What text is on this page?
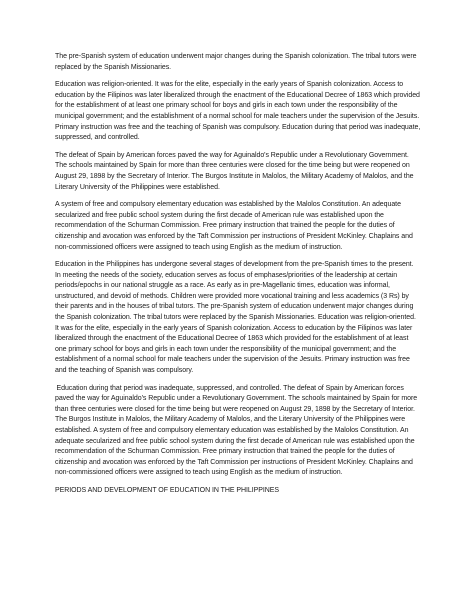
The pre-Spanish system of education underwent major changes during the Spanish colonization. The tribal tutors were replaced by the Spanish Missionaries.

Education was religion-oriented. It was for the elite, especially in the early years of Spanish colonization. Access to education by the Filipinos was later liberalized through the enactment of the Educational Decree of 1863 which provided for the establishment of at least one primary school for boys and girls in each town under the responsibility of the municipal government; and the establishment of a normal school for male teachers under the supervision of the Jesuits. Primary instruction was free and the teaching of Spanish was compulsory. Education during that period was inadequate, suppressed, and controlled.

The defeat of Spain by American forces paved the way for Aguinaldo's Republic under a Revolutionary Government. The schools maintained by Spain for more than three centuries were closed for the time being but were reopened on August 29, 1898 by the Secretary of Interior. The Burgos Institute in Malolos, the Military Academy of Malolos, and the Literary University of the Philippines were established.

A system of free and compulsory elementary education was established by the Malolos Constitution. An adequate secularized and free public school system during the first decade of American rule was established upon the recommendation of the Schurman Commission. Free primary instruction that trained the people for the duties of citizenship and avocation was enforced by the Taft Commission per instructions of President McKinley. Chaplains and non-commissioned officers were assigned to teach using English as the medium of instruction.

Education in the Philippines has undergone several stages of development from the pre-Spanish times to the present. In meeting the needs of the society, education serves as focus of emphases/priorities of the leadership at certain periods/epochs in our national struggle as a race. As early as in pre-Magellanic times, education was informal, unstructured, and devoid of methods. Children were provided more vocational training and less academics (3 Rs) by their parents and in the houses of tribal tutors. The pre-Spanish system of education underwent major changes during the Spanish colonization. The tribal tutors were replaced by the Spanish Missionaries. Education was religion-oriented. It was for the elite, especially in the early years of Spanish colonization. Access to education by the Filipinos was later liberalized through the enactment of the Educational Decree of 1863 which provided for the establishment of at least one primary school for boys and girls in each town under the responsibility of the municipal government; and the establishment of a normal school for male teachers under the supervision of the Jesuits. Primary instruction was free and the teaching of Spanish was compulsory.

Education during that period was inadequate, suppressed, and controlled. The defeat of Spain by American forces paved the way for Aguinaldo's Republic under a Revolutionary Government. The schools maintained by Spain for more than three centuries were closed for the time being but were reopened on August 29, 1898 by the Secretary of Interior. The Burgos Institute in Malolos, the Military Academy of Malolos, and the Literary University of the Philippines were established. A system of free and compulsory elementary education was established by the Malolos Constitution. An adequate secularized and free public school system during the first decade of American rule was established upon the recommendation of the Schurman Commission. Free primary instruction that trained the people for the duties of citizenship and avocation was enforced by the Taft Commission per instructions of President McKinley. Chaplains and non-commissioned officers were assigned to teach using English as the medium of instruction.

PERIODS AND DEVELOPMENT OF EDUCATION IN THE PHILIPPINES
